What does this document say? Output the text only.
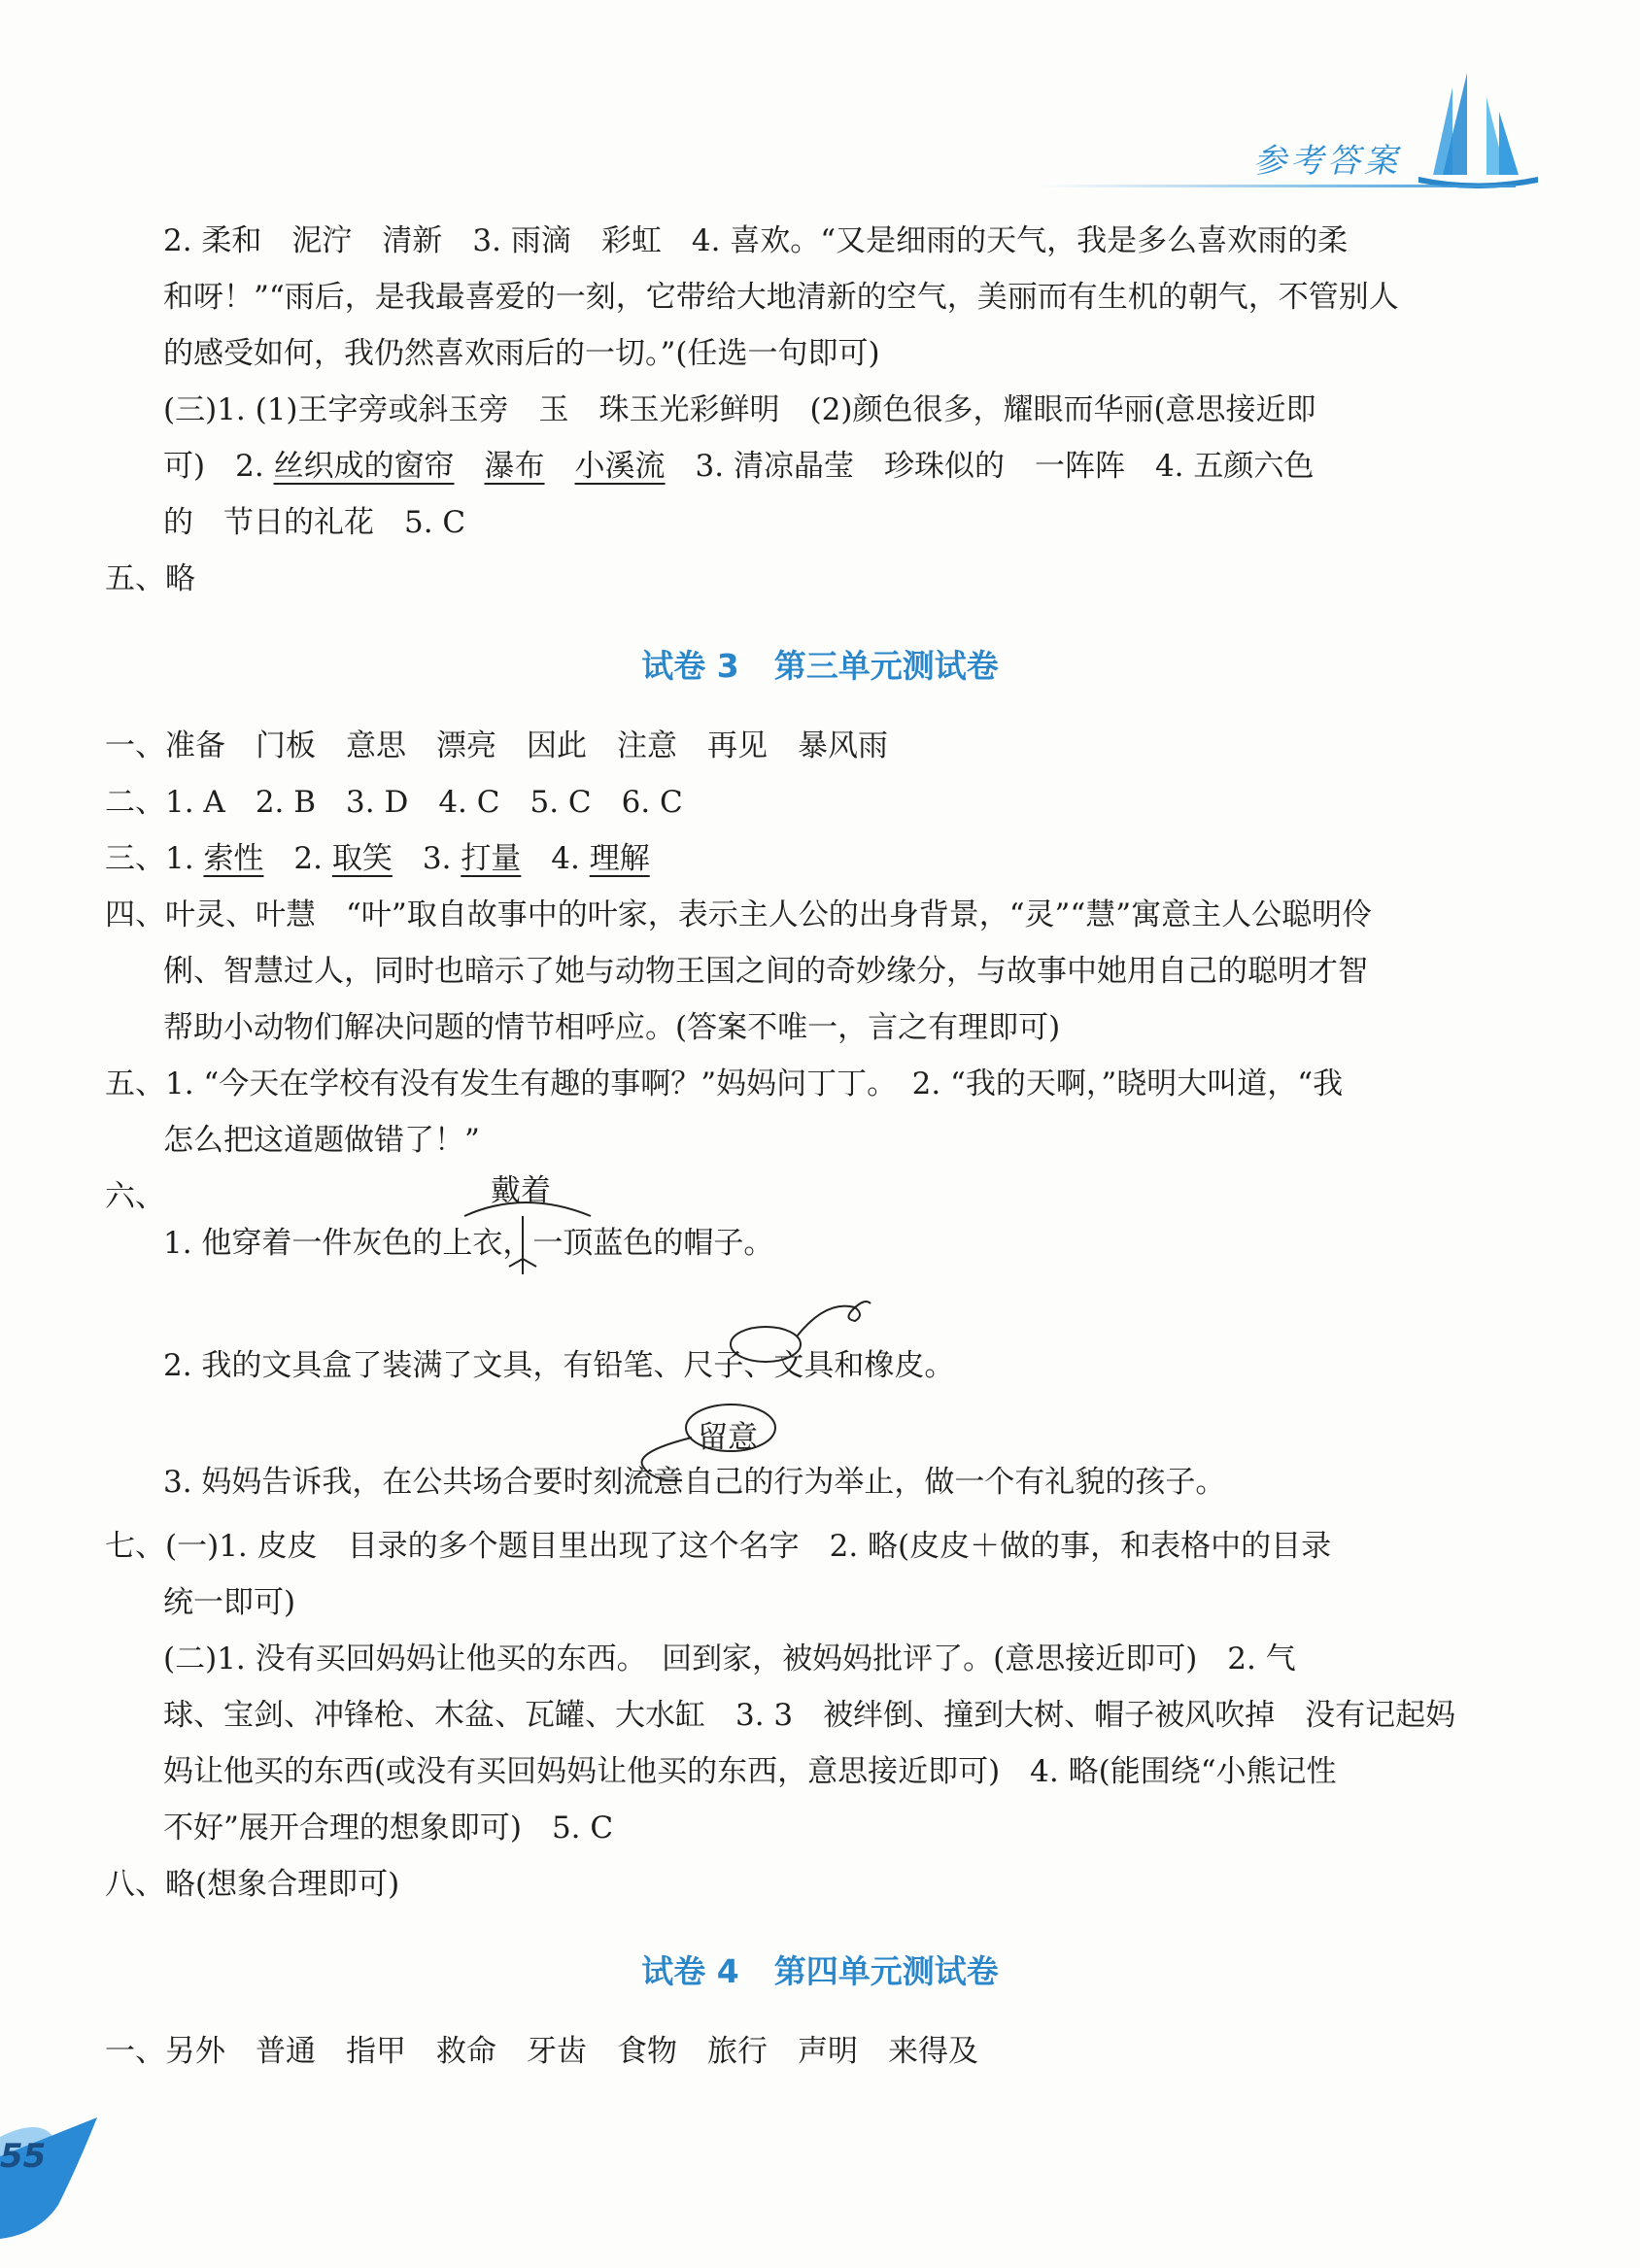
参考答案
2. 柔和　泥泞　清新　3. 雨滴　彩虹　4. 喜欢。“又是细雨的天气，我是多么喜欢雨的柔
和呀！”“雨后，是我最喜爱的一刻，它带给大地清新的空气，美丽而有生机的朝气，不管别人
的感受如何，我仍然喜欢雨后的一切。”(任选一句即可)
(三)1. (1)王字旁或斜玉旁　玉　珠玉光彩鲜明　(2)颜色很多，耀眼而华丽(意思接近即
可)　2. 丝织成的窗帘　 瀑布　 小溪流　3. 清凉晶莹　珍珠似的　一阵阵　4. 五颜六色
的　节日的礼花　5. C
五、略
试卷 3 第三单元测试卷
一、准备　门板　意思　漂亮　因此　注意　再见　暴风雨
二、1. A　2. B　3. D　4. C　5. C　6. C
三、1. 索性　2. 取笑　3. 打量　4. 理解
四、叶灵、叶慧　“叶”取自故事中的叶家，表示主人公的出身背景，“灵”“慧”寓意主人公聪明伶
俐、智慧过人，同时也暗示了她与动物王国之间的奇妙缘分，与故事中她用自己的聪明才智
帮助小动物们解决问题的情节相呼应。(答案不唯一，言之有理即可)
五、1. “今天在学校有没有发生有趣的事啊？”妈妈问丁丁。　2. “我的天啊，”晓明大叫道，“我
怎么把这道题做错了！”
六、	戴着
1. 他穿着一件灰色的上衣，一顶蓝色的帽子。
2. 我的文具盒了装满了文具，有铅笔、尺子、文具和橡皮。
留意
3. 妈妈告诉我，在公共场合要时刻流意自己的行为举止，做一个有礼貌的孩子。
七、(一)1. 皮皮　目录的多个题目里出现了这个名字　2. 略(皮皮＋做的事，和表格中的目录
统一即可)
(二)1. 没有买回妈妈让他买的东西。　回到家，被妈妈批评了。(意思接近即可)　2. 气
球、宝剑、冲锋枪、木盆、瓦罐、大水缸　3. 3　被绊倒、撞到大树、帽子被风吹掉　没有记起妈
妈让他买的东西(或没有买回妈妈让他买的东西，意思接近即可)　4. 略(能围绕“小熊记性
不好”展开合理的想象即可)　5. C
八、略(想象合理即可)
试卷 4 第四单元测试卷
一、另外　普通　指甲　救命　牙齿　食物　旅行　声明　来得及
55
